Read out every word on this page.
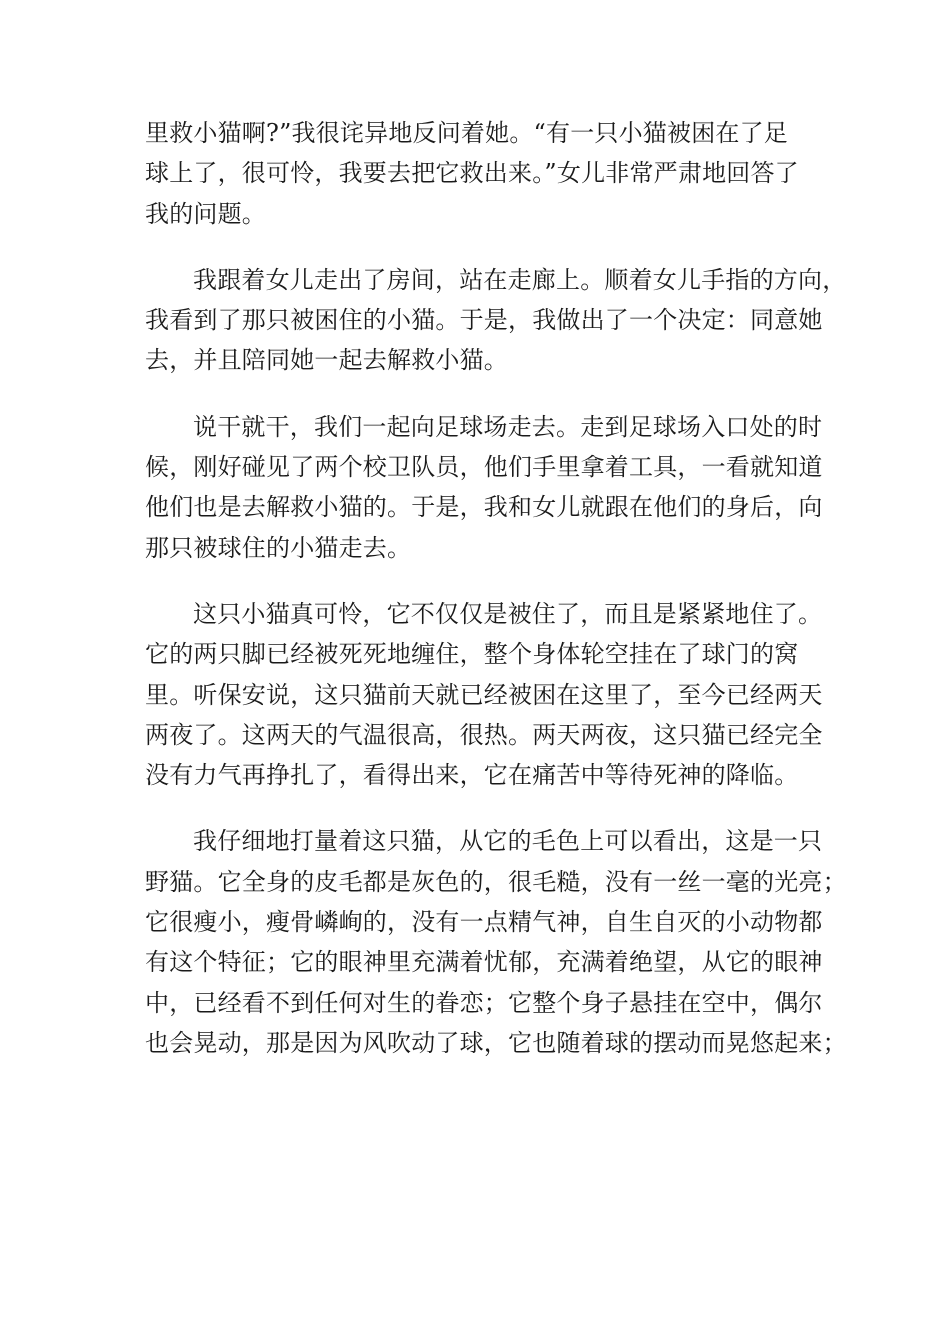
里救小猫啊?”我很诧异地反问着她。“有一只小猫被困在了足
球上了，很可怜，我要去把它救出来。”女儿非常严肃地回答了
我的问题。

我跟着女儿走出了房间，站在走廊上。顺着女儿手指的方向，
我看到了那只被困住的小猫。于是，我做出了一个决定：同意她
去，并且陪同她一起去解救小猫。

说干就干，我们一起向足球场走去。走到足球场入口处的时
候，刚好碰见了两个校卫队员，他们手里拿着工具，一看就知道
他们也是去解救小猫的。于是，我和女儿就跟在他们的身后，向
那只被球住的小猫走去。

这只小猫真可怜，它不仅仅是被住了，而且是紧紧地住了。
它的两只脚已经被死死地缠住，整个身体轮空挂在了球门的窝
里。听保安说，这只猫前天就已经被困在这里了，至今已经两天
两夜了。这两天的气温很高，很热。两天两夜，这只猫已经完全
没有力气再挣扎了，看得出来，它在痛苦中等待死神的降临。

我仔细地打量着这只猫，从它的毛色上可以看出，这是一只
野猫。它全身的皮毛都是灰色的，很毛糙，没有一丝一毫的光亮；
它很瘦小，瘦骨嶙峋的，没有一点精气神，自生自灭的小动物都
有这个特征；它的眼神里充满着忧郁，充满着绝望，从它的眼神
中，已经看不到任何对生的眷恋；它整个身子悬挂在空中，偶尔
也会晃动，那是因为风吹动了球，它也随着球的摆动而晃悠起来；
